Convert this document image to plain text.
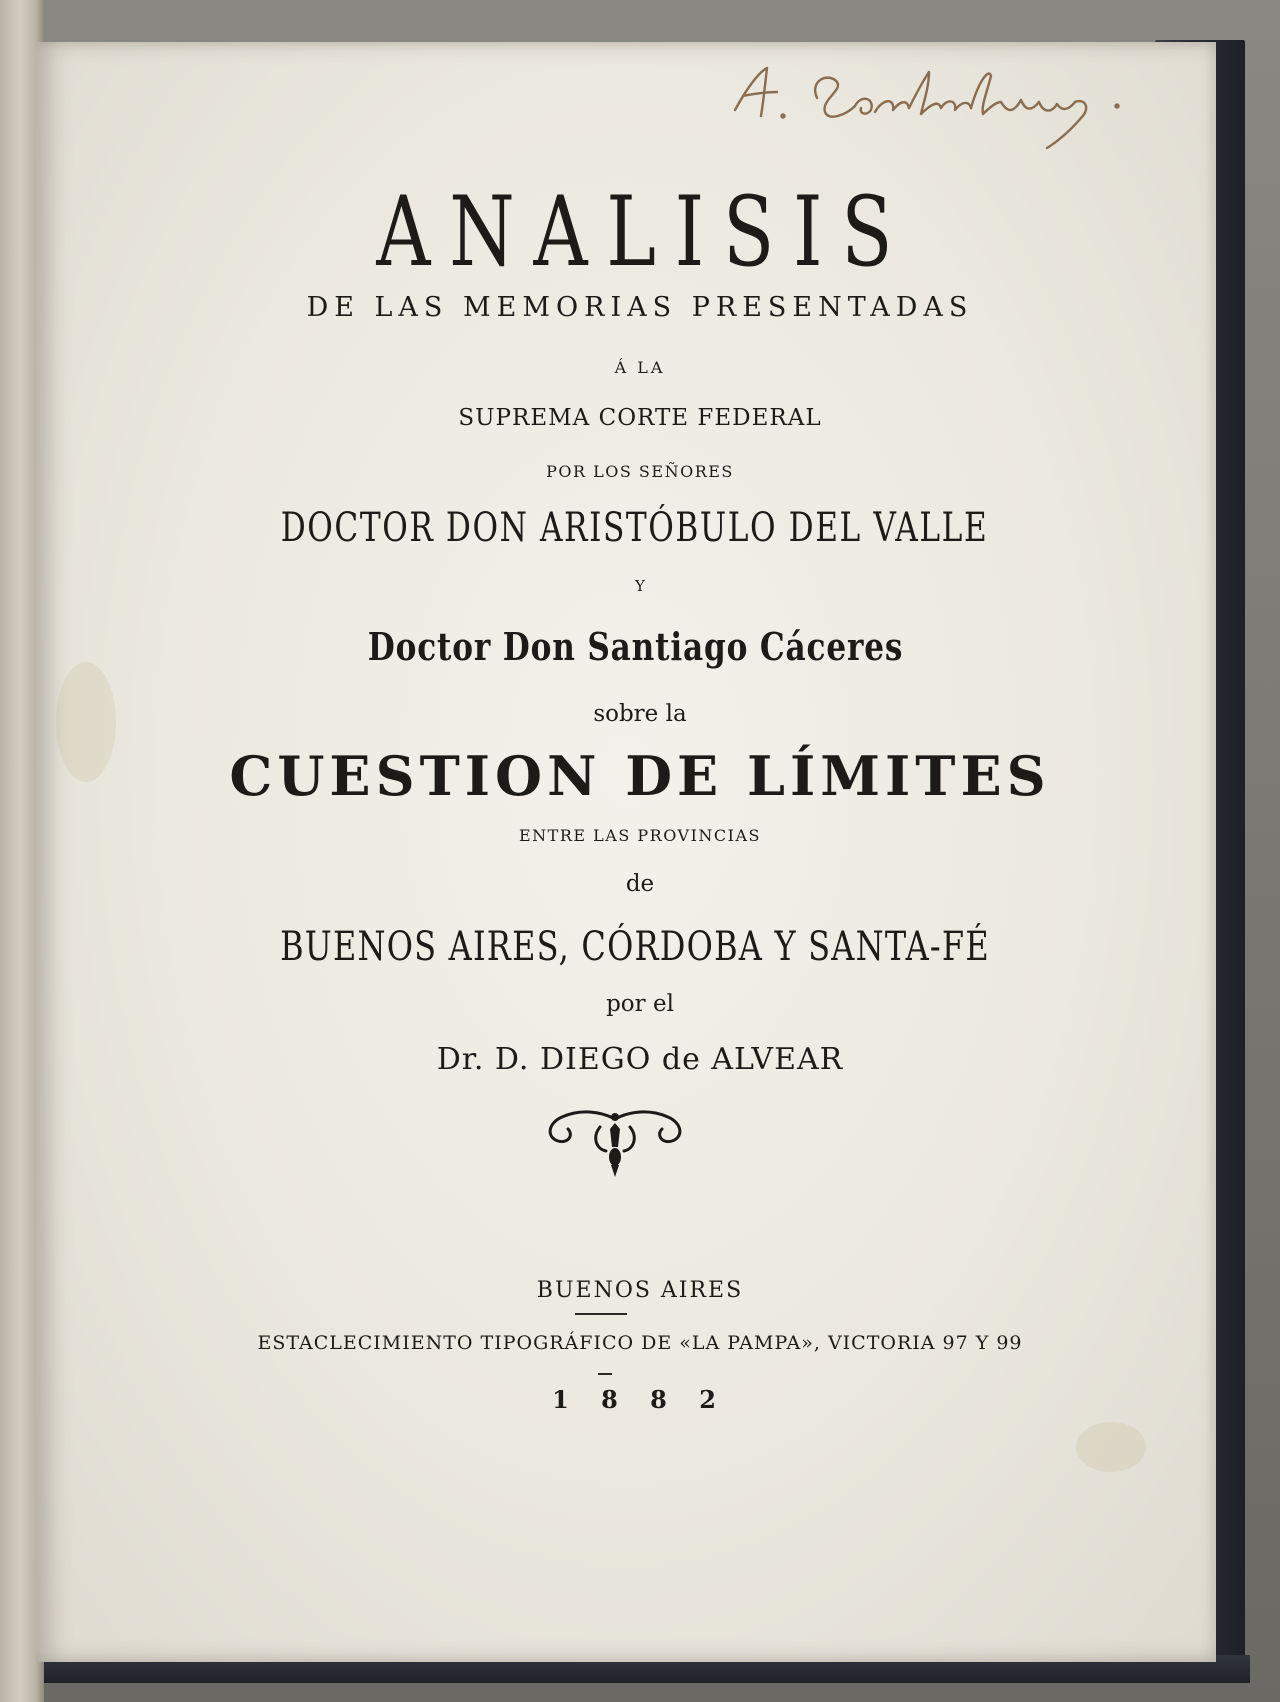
ANALISIS
DE LAS MEMORIAS PRESENTADAS
Á LA
SUPREMA CORTE FEDERAL
POR LOS SEÑORES
DOCTOR DON ARISTÓBULO DEL VALLE
Y
Doctor Don Santiago Cáceres
sobre la
CUESTION DE LÍMITES
ENTRE LAS PROVINCIAS
de
BUENOS AIRES, CÓRDOBA Y SANTA-FÉ
por el
Dr. D. DIEGO de ALVEAR
BUENOS AIRES
ESTACLECIMIENTO TIPOGRÁFICO DE «LA PAMPA», VICTORIA 97 Y 99
1 8 8 2
